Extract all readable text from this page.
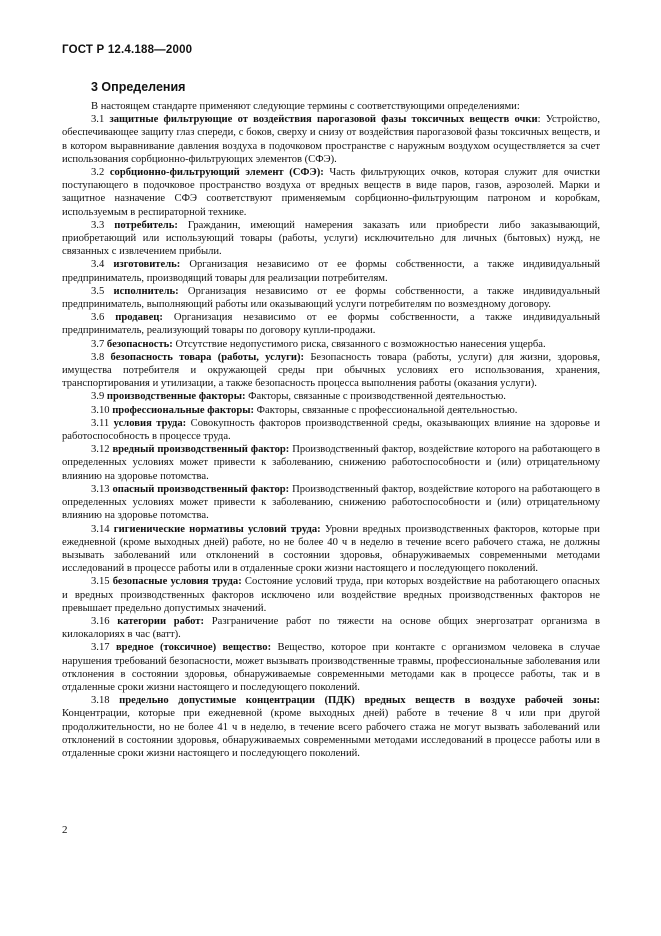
ГОСТ Р 12.4.188—2000
3 Определения

В настоящем стандарте применяют следующие термины с соответствующими определениями:

3.1 защитные фильтрующие от воздействия парогазовой фазы токсичных веществ очки: Устройство, обеспечивающее защиту глаз спереди, с боков, сверху и снизу от воздействия парогазовой фазы токсичных веществ, и в котором выравнивание давления воздуха в подочковом пространстве с наружным воздухом осуществляется за счет использования сорбционно-фильтрующих элементов (СФЭ).

3.2 сорбционно-фильтрующий элемент (СФЭ): Часть фильтрующих очков, которая служит для очистки поступающего в подочковое пространство воздуха от вредных веществ в виде паров, газов, аэрозолей. Марки и защитное назначение СФЭ соответствуют применяемым сорбционно-фильтрующим патроном и коробкам, используемым в респираторной технике.

3.3 потребитель: Гражданин, имеющий намерения заказать или приобрести либо заказывающий, приобретающий или использующий товары (работы, услуги) исключительно для личных (бытовых) нужд, не связанных с извлечением прибыли.

3.4 изготовитель: Организация независимо от ее формы собственности, а также индивидуальный предприниматель, производящий товары для реализации потребителям.

3.5 исполнитель: Организация независимо от ее формы собственности, а также индивидуальный предприниматель, выполняющий работы или оказывающий услуги потребителям по возмездному договору.

3.6 продавец: Организация независимо от ее формы собственности, а также индивидуальный предприниматель, реализующий товары по договору купли-продажи.

3.7 безопасность: Отсутствие недопустимого риска, связанного с возможностью нанесения ущерба.

3.8 безопасность товара (работы, услуги): Безопасность товара (работы, услуги) для жизни, здоровья, имущества потребителя и окружающей среды при обычных условиях его использования, хранения, транспортирования и утилизации, а также безопасность процесса выполнения работы (оказания услуги).

3.9 производственные факторы: Факторы, связанные с производственной деятельностью.

3.10 профессиональные факторы: Факторы, связанные с профессиональной деятельностью.

3.11 условия труда: Совокупность факторов производственной среды, оказывающих влияние на здоровье и работоспособность в процессе труда.

3.12 вредный производственный фактор: Производственный фактор, воздействие которого на работающего в определенных условиях может привести к заболеванию, снижению работоспособности и (или) отрицательному влиянию на здоровье потомства.

3.13 опасный производственный фактор: Производственный фактор, воздействие которого на работающего в определенных условиях может привести к заболеванию, снижению работоспособности и (или) отрицательному влиянию на здоровье потомства.

3.14 гигиенические нормативы условий труда: Уровни вредных производственных факторов, которые при ежедневной (кроме выходных дней) работе, но не более 40 ч в неделю в течение всего рабочего стажа, не должны вызывать заболеваний или отклонений в состоянии здоровья, обнаруживаемых современными методами исследований в процессе работы или в отдаленные сроки жизни настоящего и последующего поколений.

3.15 безопасные условия труда: Состояние условий труда, при которых воздействие на работающего опасных и вредных производственных факторов исключено или воздействие вредных производственных факторов не превышает предельно допустимых значений.

3.16 категории работ: Разграничение работ по тяжести на основе общих энергозатрат организма в килокалориях в час (ватт).

3.17 вредное (токсичное) вещество: Вещество, которое при контакте с организмом человека в случае нарушения требований безопасности, может вызывать производственные травмы, профессиональные заболевания или отклонения в состоянии здоровья, обнаруживаемые современными методами как в процессе работы, так и в отдаленные сроки жизни настоящего и последующего поколений.

3.18 предельно допустимые концентрации (ПДК) вредных веществ в воздухе рабочей зоны: Концентрации, которые при ежедневной (кроме выходных дней) работе в течение 8 ч или при другой продолжительности, но не более 41 ч в неделю, в течение всего рабочего стажа не могут вызвать заболеваний или отклонений в состоянии здоровья, обнаруживаемых современными методами исследований в процессе работы или в отдаленные сроки жизни настоящего и последующего поколений.

2
